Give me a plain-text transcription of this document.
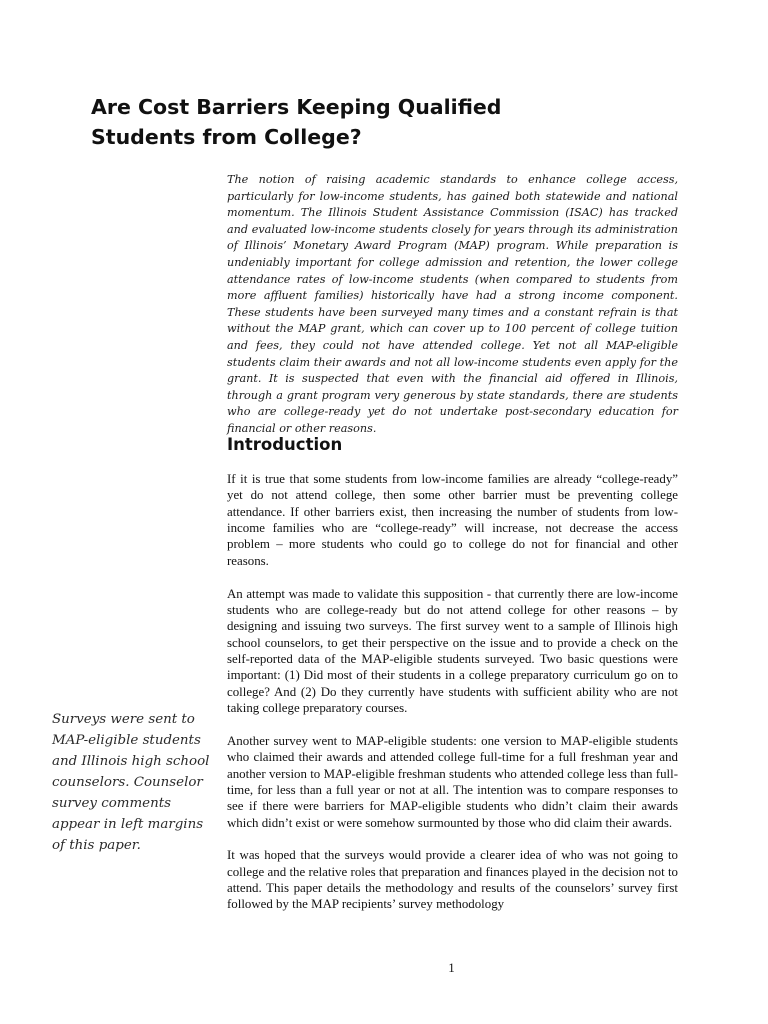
Are Cost Barriers Keeping Qualified Students from College?

The notion of raising academic standards to enhance college access, particularly for low-income students, has gained both statewide and national momentum. The Illinois Student Assistance Commission (ISAC) has tracked and evaluated low-income students closely for years through its administration of Illinois’ Monetary Award Program (MAP) program. While preparation is undeniably important for college admission and retention, the lower college attendance rates of low-income students (when compared to students from more affluent families) historically have had a strong income component. These students have been surveyed many times and a constant refrain is that without the MAP grant, which can cover up to 100 percent of college tuition and fees, they could not have attended college. Yet not all MAP-eligible students claim their awards and not all low-income students even apply for the grant. It is suspected that even with the financial aid offered in Illinois, through a grant program very generous by state standards, there are students who are college-ready yet do not undertake post-secondary education for financial or other reasons.

Introduction

If it is true that some students from low-income families are already “college-ready” yet do not attend college, then some other barrier must be preventing college attendance. If other barriers exist, then increasing the number of students from low-income families who are “college-ready” will increase, not decrease the access problem – more students who could go to college do not for financial and other reasons.

An attempt was made to validate this supposition - that currently there are low-income students who are college-ready but do not attend college for other reasons – by designing and issuing two surveys. The first survey went to a sample of Illinois high school counselors, to get their perspective on the issue and to provide a check on the self-reported data of the MAP-eligible students surveyed. Two basic questions were important: (1) Did most of their students in a college preparatory curriculum go on to college? And (2) Do they currently have students with sufficient ability who are not taking college preparatory courses.

Another survey went to MAP-eligible students: one version to MAP-eligible students who claimed their awards and attended college full-time for a full freshman year and another version to MAP-eligible freshman students who attended college less than full-time, for less than a full year or not at all. The intention was to compare responses to see if there were barriers for MAP-eligible students who didn’t claim their awards which didn’t exist or were somehow surmounted by those who did claim their awards.

It was hoped that the surveys would provide a clearer idea of who was not going to college and the relative roles that preparation and finances played in the decision not to attend. This paper details the methodology and results of the counselors’ survey first followed by the MAP recipients’ survey methodology

Surveys were sent to MAP-eligible students and Illinois high school counselors. Counselor survey comments appear in left margins of this paper.

1
